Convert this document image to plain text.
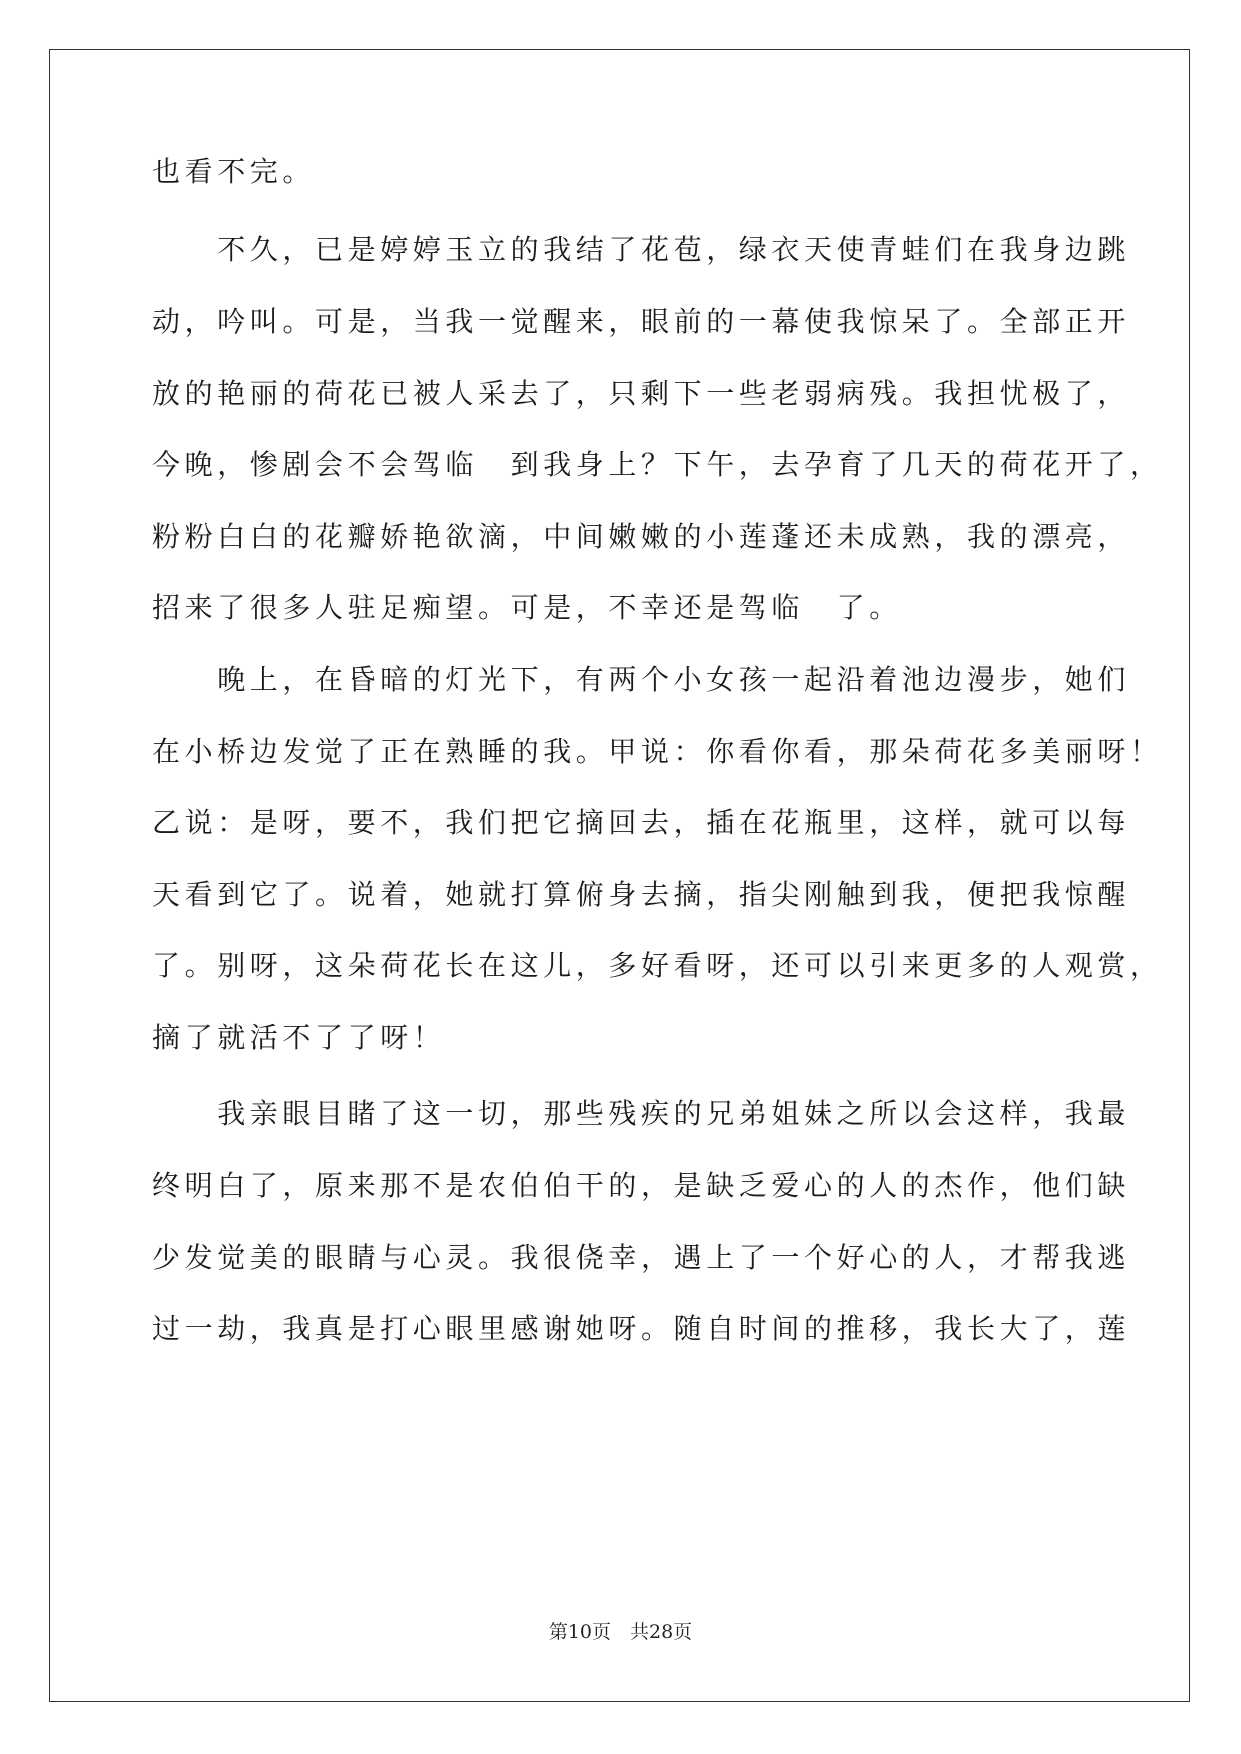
也看不完。
　　不久，已是婷婷玉立的我结了花苞，绿衣天使青蛙们在我身边跳
动，吟叫。可是，当我一觉醒来，眼前的一幕使我惊呆了。全部正开
放的艳丽的荷花已被人采去了，只剩下一些老弱病残。我担忧极了，
今晚，惨剧会不会驾临　到我身上？下午，去孕育了几天的荷花开了，
粉粉白白的花瓣娇艳欲滴，中间嫩嫩的小莲蓬还未成熟，我的漂亮，
招来了很多人驻足痴望。可是，不幸还是驾临　了。
　　晚上，在昏暗的灯光下，有两个小女孩一起沿着池边漫步，她们
在小桥边发觉了正在熟睡的我。甲说：你看你看，那朵荷花多美丽呀！
乙说：是呀，要不，我们把它摘回去，插在花瓶里，这样，就可以每
天看到它了。说着，她就打算俯身去摘，指尖刚触到我，便把我惊醒
了。别呀，这朵荷花长在这儿，多好看呀，还可以引来更多的人观赏，
摘了就活不了了呀！
　　我亲眼目睹了这一切，那些残疾的兄弟姐妹之所以会这样，我最
终明白了，原来那不是农伯伯干的，是缺乏爱心的人的杰作，他们缺
少发觉美的眼睛与心灵。我很侥幸，遇上了一个好心的人，才帮我逃
过一劫，我真是打心眼里感谢她呀。随自时间的推移，我长大了，莲
第10页　共28页
